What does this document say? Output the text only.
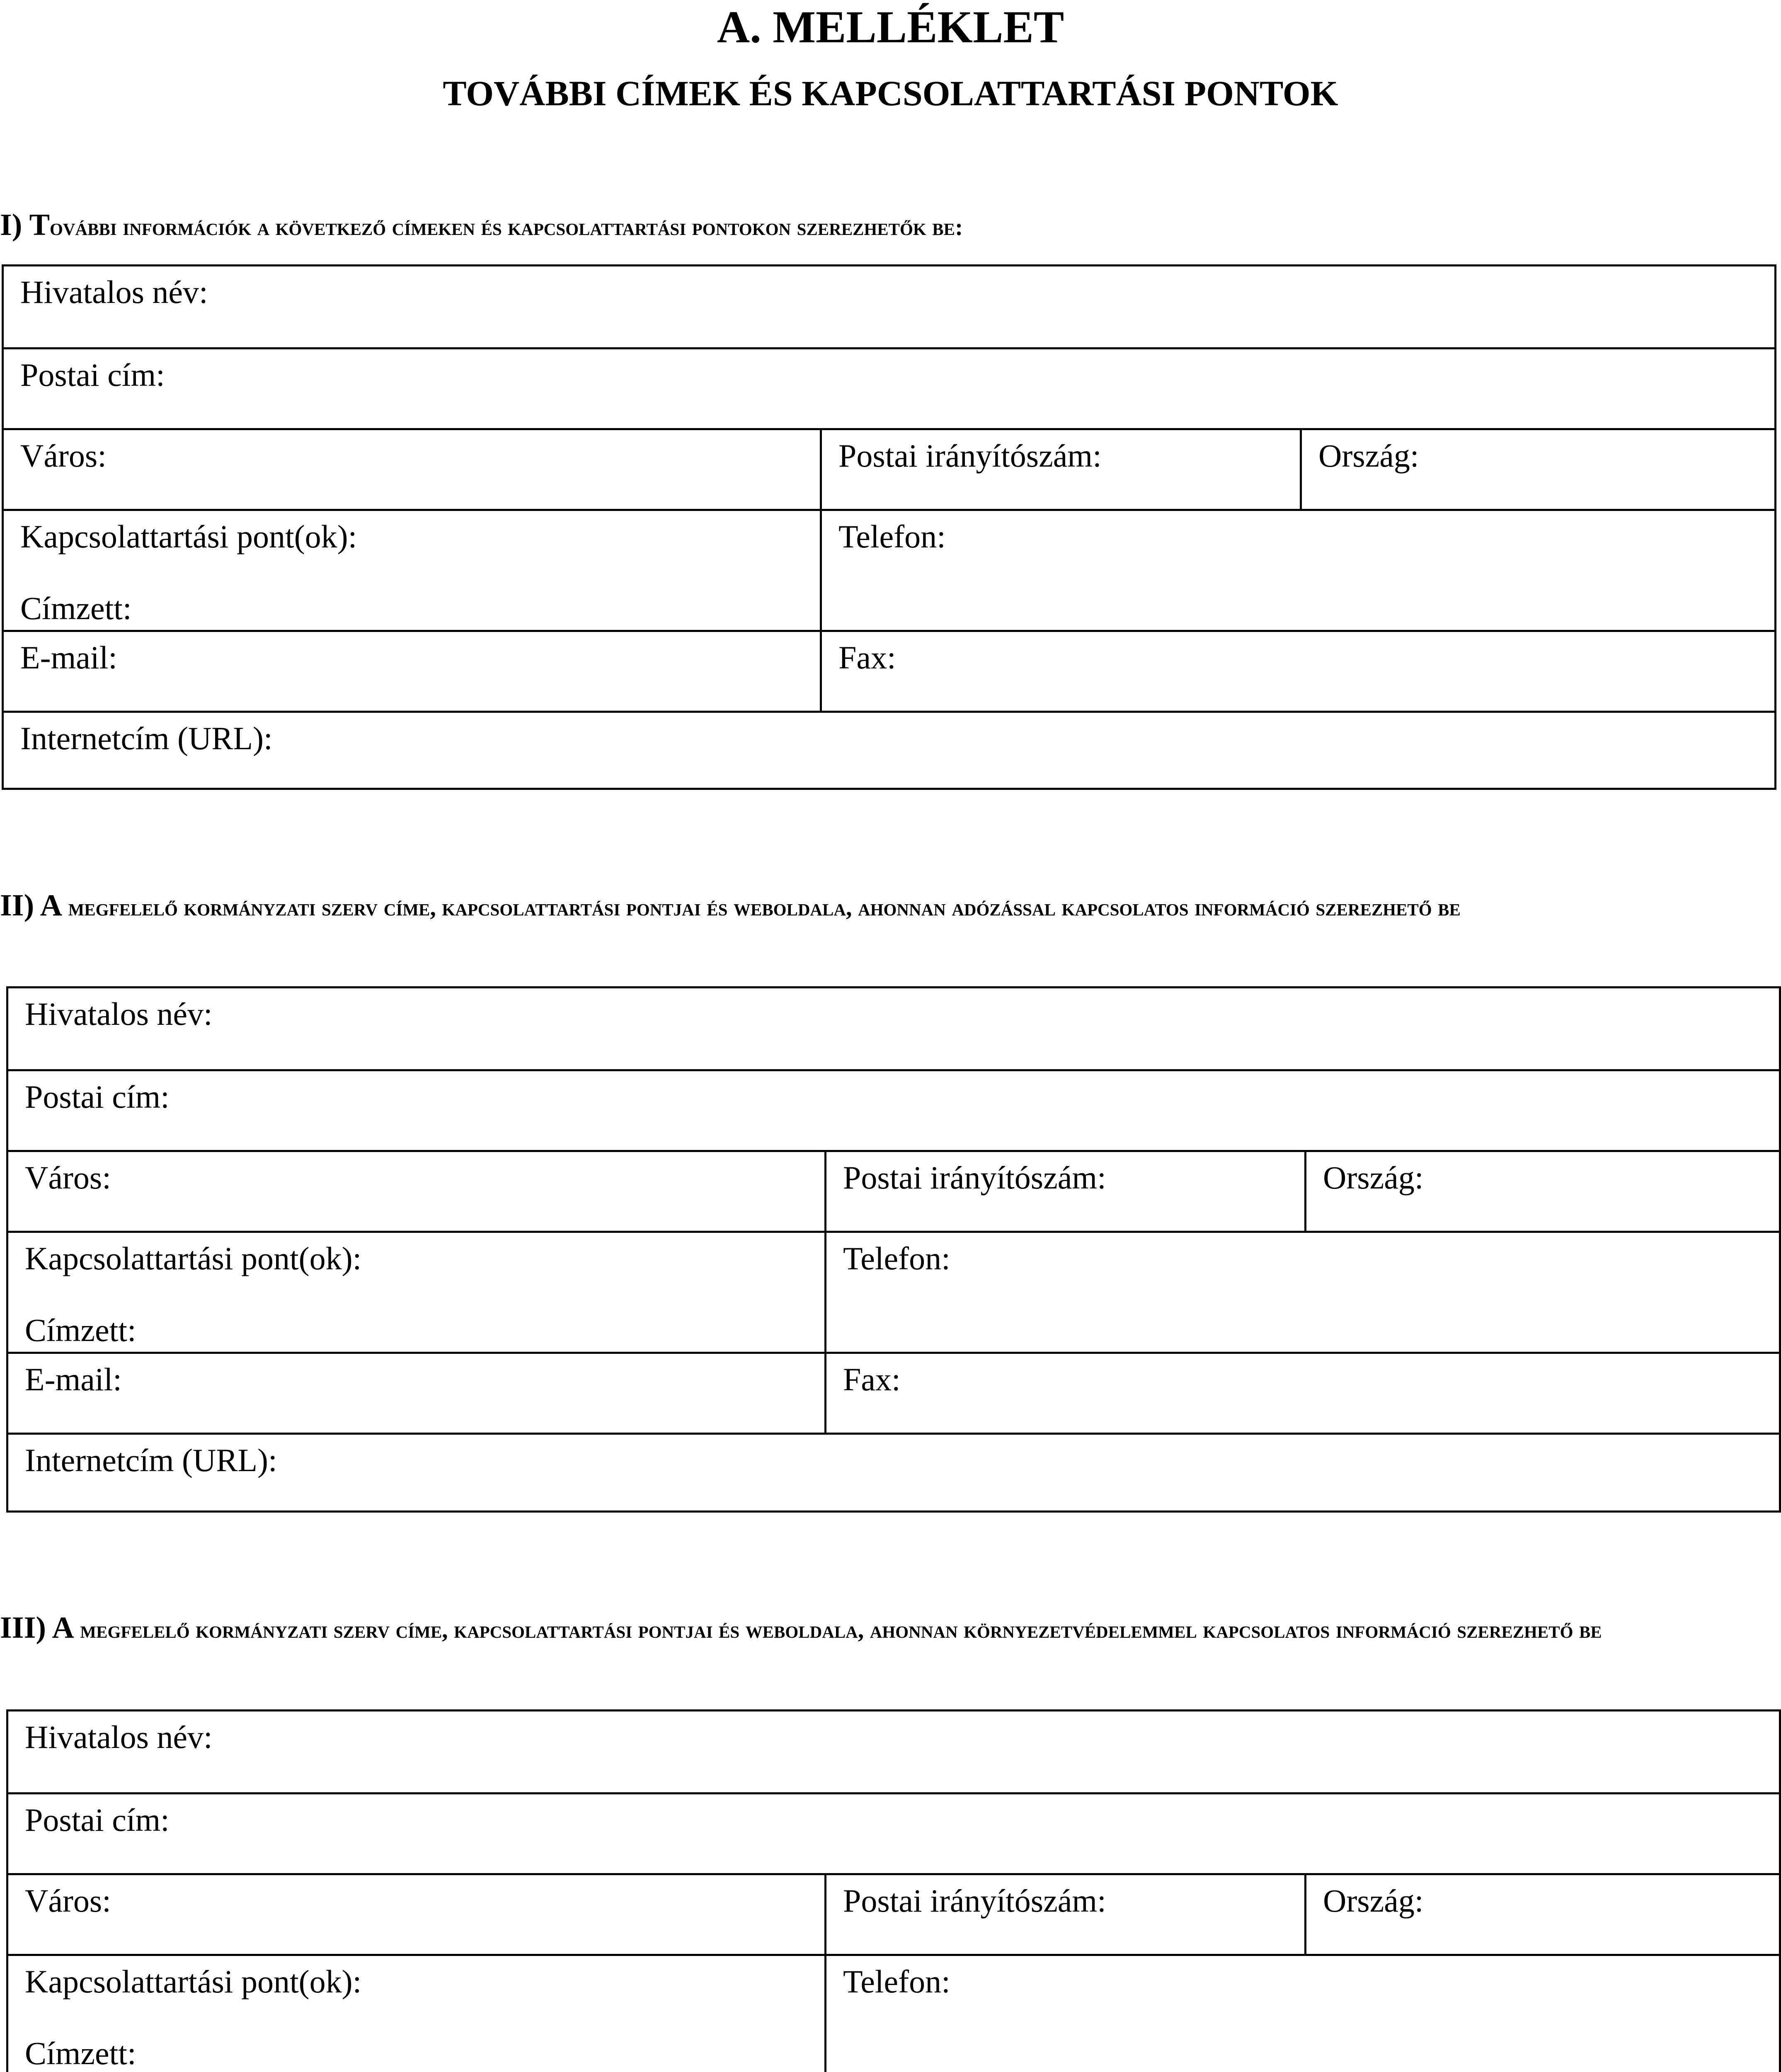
A. MELLÉKLET
TOVÁBBI CÍMEK ÉS KAPCSOLATTARTÁSI PONTOK

I) További információk a következő címeken és kapcsolattartási pontokon szerezhetők be:

Hivatalos név:
Postai cím:
Város:	Postai irányítószám:	Ország:
Kapcsolattartási pont(ok):
Címzett:
Telefon:
E-mail:	Fax:
Internetcím (URL):

II) A megfelelő kormányzati szerv címe, kapcsolattartási pontjai és weboldala, ahonnan adózással kapcsolatos információ szerezhető be

Hivatalos név:
Postai cím:
Város:	Postai irányítószám:	Ország:
Kapcsolattartási pont(ok):
Címzett:
Telefon:
E-mail:	Fax:
Internetcím (URL):

III) A megfelelő kormányzati szerv címe, kapcsolattartási pontjai és weboldala, ahonnan környezetvédelemmel kapcsolatos információ szerezhető be

Hivatalos név:
Postai cím:
Város:	Postai irányítószám:	Ország:
Kapcsolattartási pont(ok):
Címzett:
Telefon:
